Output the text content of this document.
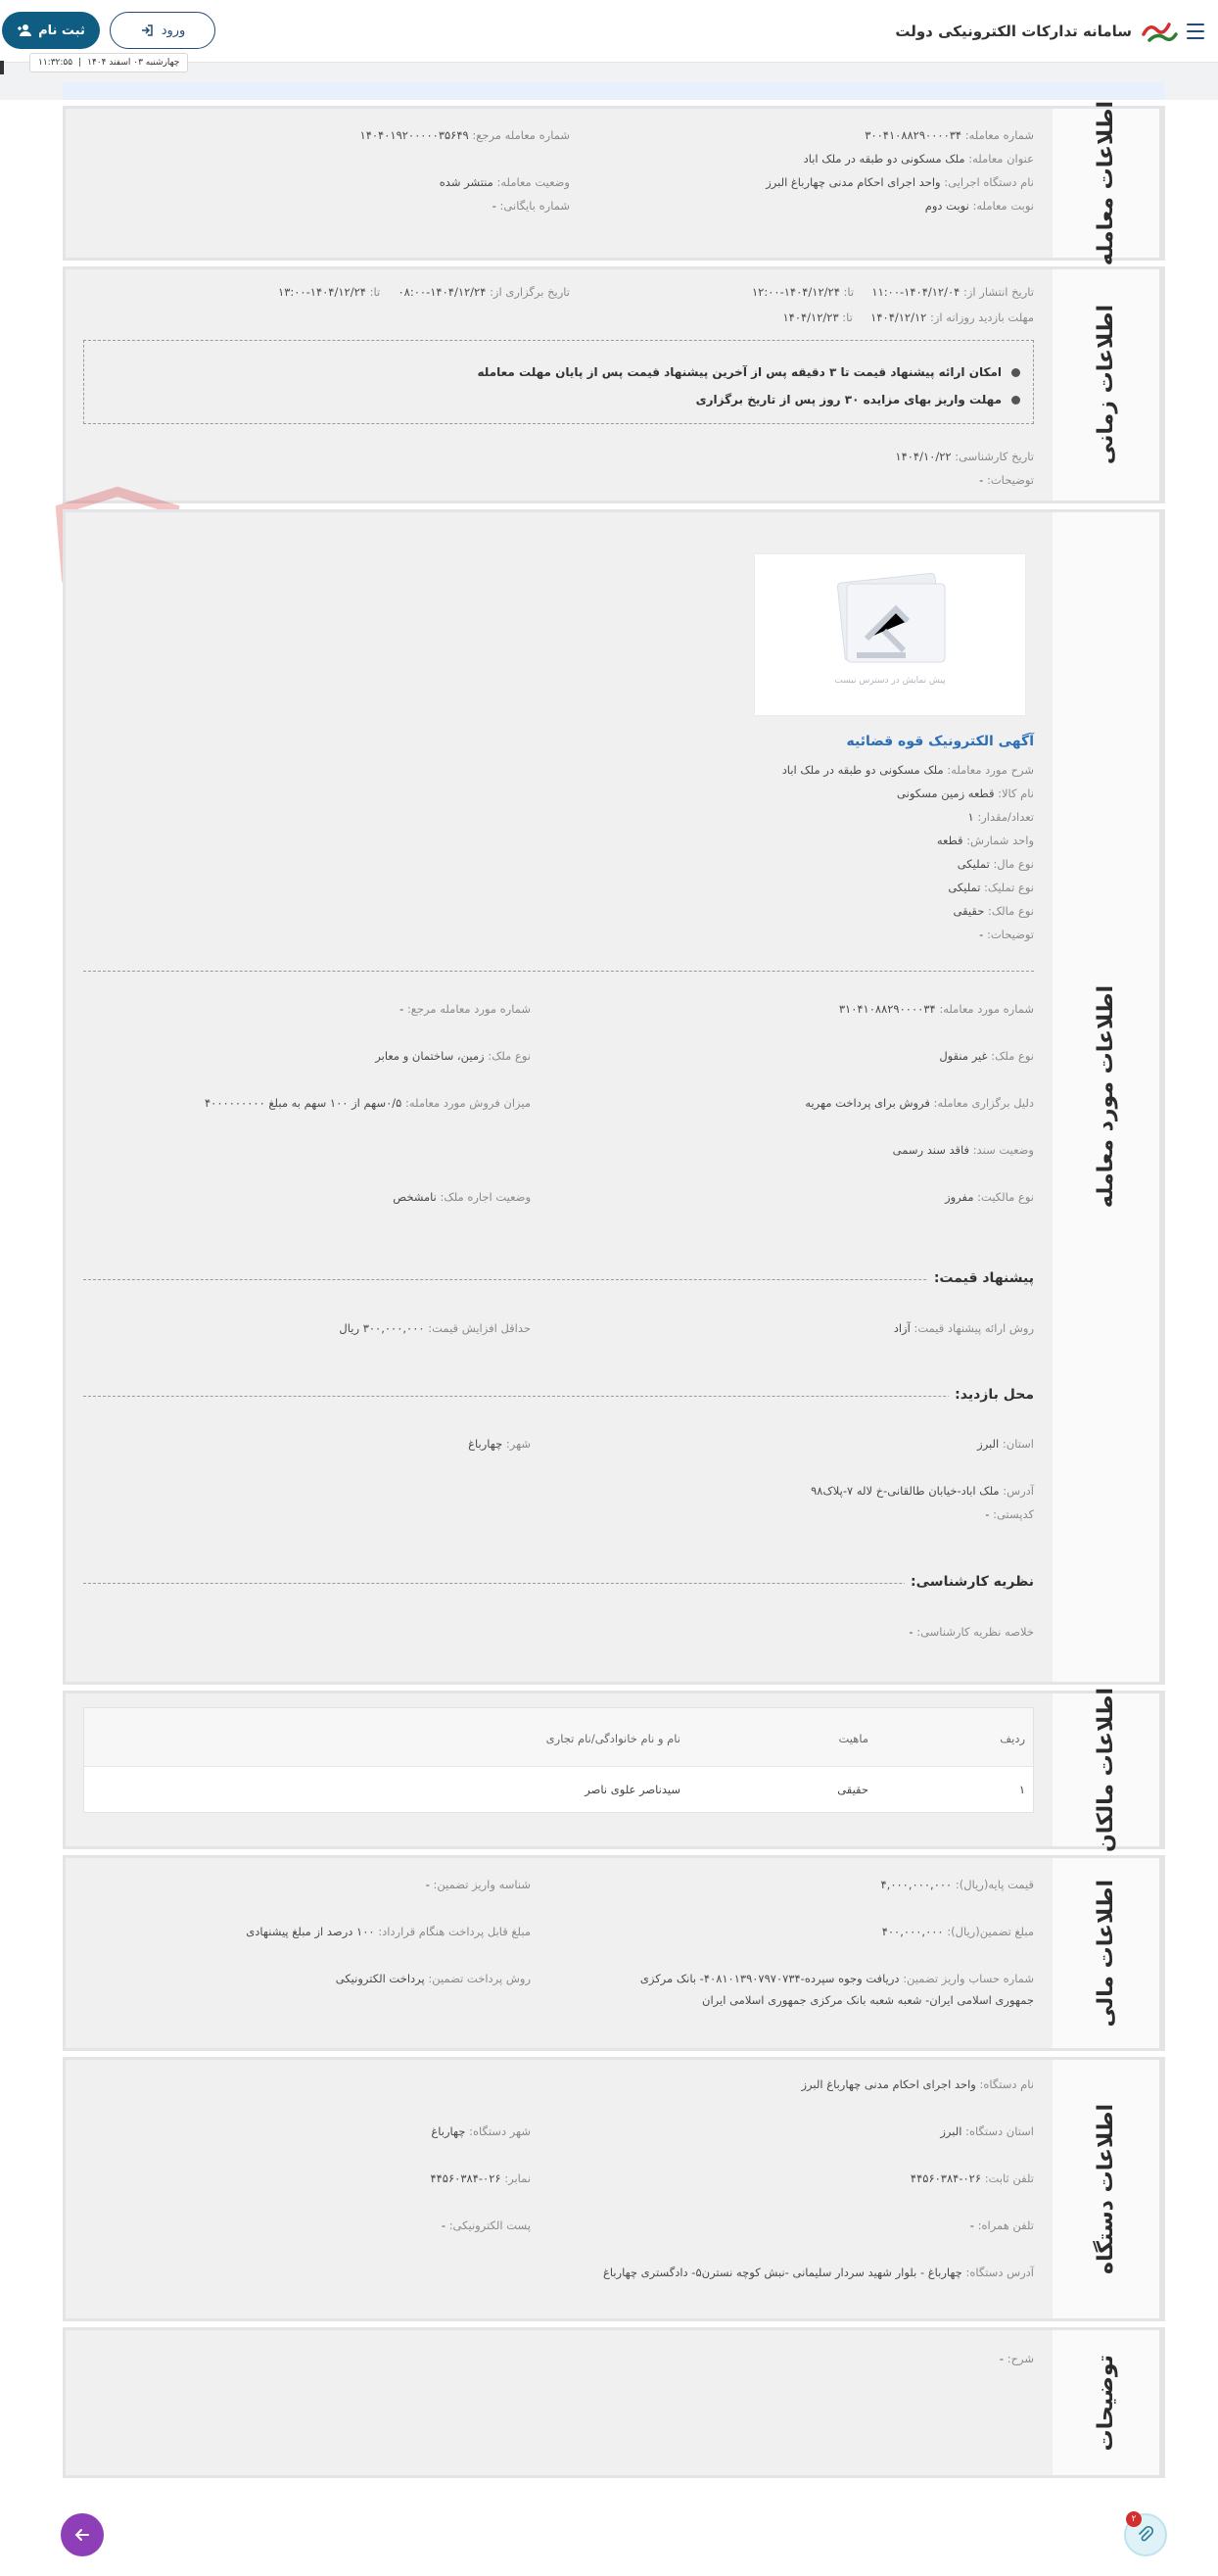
سامانه تدارکات الکترونیکی دولت
ورود
ثبت نام
چهارشنبه ۰۳ اسفند ۱۴۰۴
|
۱۱:۳۲:۵۵
اطلاعات معامله
شماره معامله: ۳۰۰۴۱۰۸۸۲۹۰۰۰۰۳۴
شماره معامله مرجع: ۱۴۰۴۰۱۹۲۰۰۰۰۰۳۵۶۴۹
عنوان معامله: ملک مسکونی دو طبقه در ملک اباد
نام دستگاه اجرایی: واحد اجرای احکام مدنی چهارباغ البرز
وضعیت معامله: منتشر شده
نوبت معامله: نوبت دوم
شماره بایگانی: -
اطلاعات زمانی
تاریخ انتشار از: ۱۴۰۴/۱۲/۰۴-۱۱:۰۰     تا: ۱۴۰۴/۱۲/۲۴-۱۲:۰۰
تاریخ برگزاری از: ۱۴۰۴/۱۲/۲۴-۰۸:۰۰     تا: ۱۴۰۴/۱۲/۲۴-۱۳:۰۰
مهلت بازدید روزانه از: ۱۴۰۴/۱۲/۱۲     تا: ۱۴۰۴/۱۲/۲۳
امکان ارائه پیشنهاد قیمت تا ۳ دقیقه پس از آخرین پیشنهاد قیمت پس از پایان مهلت معامله
مهلت واریز بهای مزایده ۳۰ روز پس از تاریخ برگزاری
تاریخ کارشناسی: ۱۴۰۴/۱۰/۲۲
توضیحات: -
اطلاعات مورد معامله
پیش نمایش در دسترس نیست
آگهی الکترونیک قوه قضائیه
شرح مورد معامله: ملک مسکونی دو طبقه در ملک اباد
نام کالا: قطعه زمین مسکونی
تعداد/مقدار: ۱
واحد شمارش: قطعه
نوع مال: تملیکی
نوع تملیک: تملیکی
نوع مالک: حقیقی
توضیحات: -
شماره مورد معامله: ۳۱۰۴۱۰۸۸۲۹۰۰۰۰۳۴
شماره مورد معامله مرجع: -
نوع ملک: غیر منقول
نوع ملک: زمین، ساختمان و معابر
دلیل برگزاری معامله: فروش برای پرداخت مهریه
میزان فروش مورد معامله: ۰/۵سهم از ۱۰۰ سهم به مبلغ ۴۰۰۰۰۰۰۰۰۰
وضعیت سند: فاقد سند رسمی
نوع مالکیت: مفروز
وضعیت اجاره ملک: نامشخص
پیشنهاد قیمت:
روش ارائه پیشنهاد قیمت: آزاد
حداقل افزایش قیمت: ۳۰۰,۰۰۰,۰۰۰ ریال
محل بازدید:
استان: البرز
شهر: چهارباغ
آدرس: ملک اباد-خیابان طالقانی-خ لاله ۷-پلاک۹۸
کدپستی: -
نظریه کارشناسی:
خلاصه نظریه کارشناسی: -
اطلاعات مالکان
ردیف
ماهیت
نام و نام خانوادگی/نام تجاری
۱
حقیقی
سیدناصر علوی ناصر
اطلاعات مالی
قیمت پایه(ریال): ۴,۰۰۰,۰۰۰,۰۰۰
شناسه واریز تضمین: -
مبلغ تضمین(ریال): ۴۰۰,۰۰۰,۰۰۰
مبلغ قابل پرداخت هنگام قرارداد: ۱۰۰ درصد از مبلغ پیشنهادی
شماره حساب واریز تضمین: دریافت وجوه سپرده-۴۰۸۱۰۱۳۹۰۷۹۷۰۷۳۴- بانک مرکزی
جمهوری اسلامی ایران- شعبه شعبه بانک مرکزی جمهوری اسلامی ایران
روش پرداخت تضمین: پرداخت الکترونیکی
اطلاعات دستگاه
نام دستگاه: واحد اجرای احکام مدنی چهارباغ البرز
استان دستگاه: البرز
شهر دستگاه: چهارباغ
تلفن ثابت: ۰۲۶-۴۴۵۶۰۳۸۴
نمابر: ۰۲۶-۴۴۵۶۰۳۸۴
تلفن همراه: -
پست الکترونیکی: -
آدرس دستگاه: چهارباغ - بلوار شهید سردار سلیمانی -نبش کوچه نسترن۵- دادگستری چهارباغ
توضیحات
شرح: -
۲
